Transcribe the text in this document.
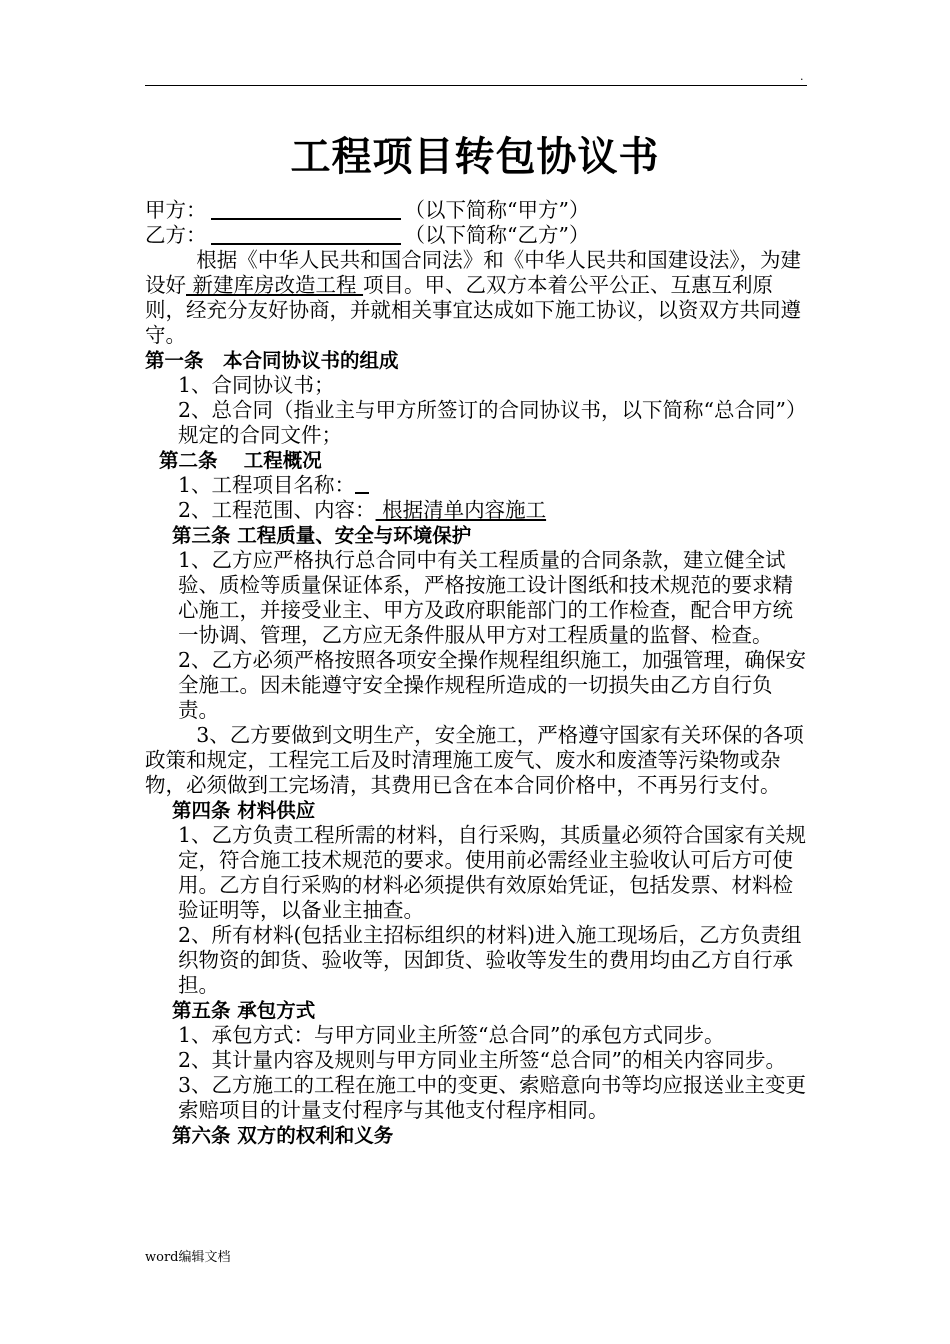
.
工程项目转包协议书

甲方：	（以下简称“甲方”）

乙方：	（以下简称“乙方”）

根据《中华人民共和国合同法》和《中华人民共和国建设法》，为建设好 新建库房改造工程 项目。甲、乙双方本着公平公正、互惠互利原则，经充分友好协商，并就相关事宜达成如下施工协议，以资双方共同遵守。

第一条　本合同协议书的组成

1、合同协议书；

2、总合同（指业主与甲方所签订的合同协议书，以下简称“总合同”）规定的合同文件；

第二条　 工程概况

1、工程项目名称：

2、工程范围、内容： 根据清单内容施工

第三条 工程质量、安全与环境保护

1、乙方应严格执行总合同中有关工程质量的合同条款，建立健全试验、质检等质量保证体系，严格按施工设计图纸和技术规范的要求精心施工，并接受业主、甲方及政府职能部门的工作检查，配合甲方统一协调、管理，乙方应无条件服从甲方对工程质量的监督、检查。

2、乙方必须严格按照各项安全操作规程组织施工，加强管理，确保安全施工。因未能遵守安全操作规程所造成的一切损失由乙方自行负责。

3、乙方要做到文明生产，安全施工，严格遵守国家有关环保的各项政策和规定，工程完工后及时清理施工废气、废水和废渣等污染物或杂物，必须做到工完场清，其费用已含在本合同价格中，不再另行支付。

第四条 材料供应

1、乙方负责工程所需的材料，自行采购，其质量必须符合国家有关规定，符合施工技术规范的要求。使用前必需经业主验收认可后方可使用。乙方自行采购的材料必须提供有效原始凭证，包括发票、材料检验证明等，以备业主抽查。

2、所有材料(包括业主招标组织的材料)进入施工现场后，乙方负责组织物资的卸货、验收等，因卸货、验收等发生的费用均由乙方自行承担。

第五条 承包方式

1、承包方式：与甲方同业主所签“总合同”的承包方式同步。

2、其计量内容及规则与甲方同业主所签“总合同”的相关内容同步。

3、乙方施工的工程在施工中的变更、索赔意向书等均应报送业主变更索赔项目的计量支付程序与其他支付程序相同。

第六条 双方的权利和义务

word编辑文档
